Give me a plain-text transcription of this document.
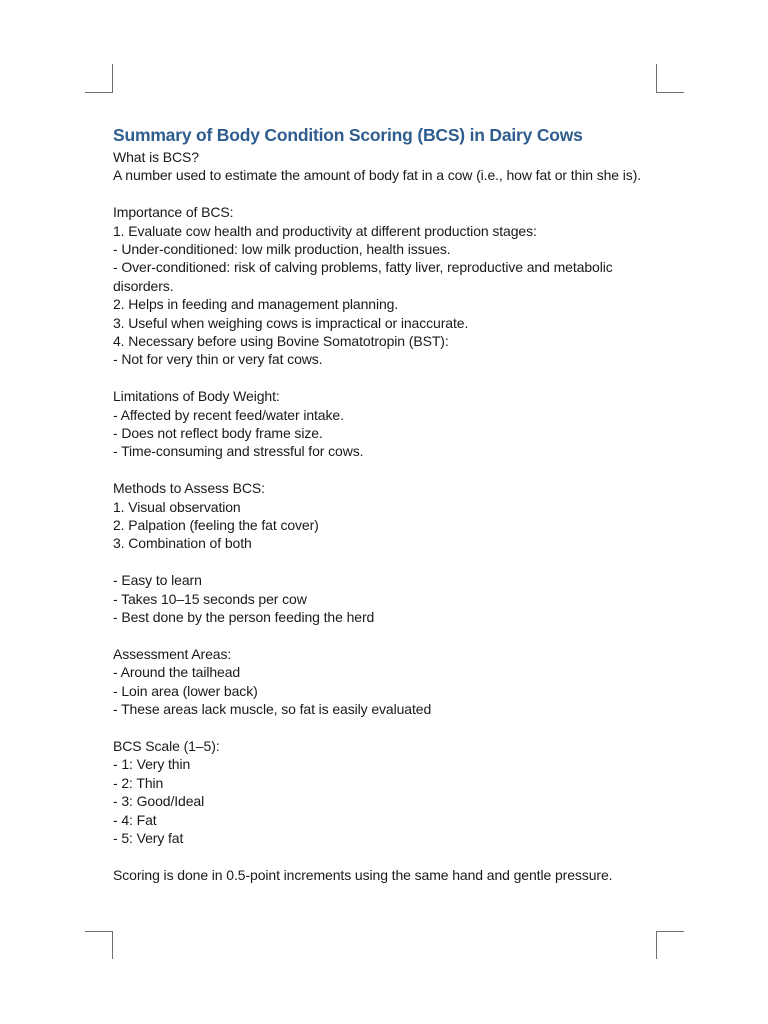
Summary of Body Condition Scoring (BCS) in Dairy Cows

What is BCS?

A number used to estimate the amount of body fat in a cow (i.e., how fat or thin she is).

Importance of BCS:

1. Evaluate cow health and productivity at different production stages:

- Under-conditioned: low milk production, health issues.

- Over-conditioned: risk of calving problems, fatty liver, reproductive and metabolic disorders.

2. Helps in feeding and management planning.

3. Useful when weighing cows is impractical or inaccurate.

4. Necessary before using Bovine Somatotropin (BST):

- Not for very thin or very fat cows.

Limitations of Body Weight:

- Affected by recent feed/water intake.

- Does not reflect body frame size.

- Time-consuming and stressful for cows.

Methods to Assess BCS:

1. Visual observation

2. Palpation (feeling the fat cover)

3. Combination of both

- Easy to learn

- Takes 10–15 seconds per cow

- Best done by the person feeding the herd

Assessment Areas:

- Around the tailhead

- Loin area (lower back)

- These areas lack muscle, so fat is easily evaluated

BCS Scale (1–5):

- 1: Very thin

- 2: Thin

- 3: Good/Ideal

- 4: Fat

- 5: Very fat

Scoring is done in 0.5-point increments using the same hand and gentle pressure.
